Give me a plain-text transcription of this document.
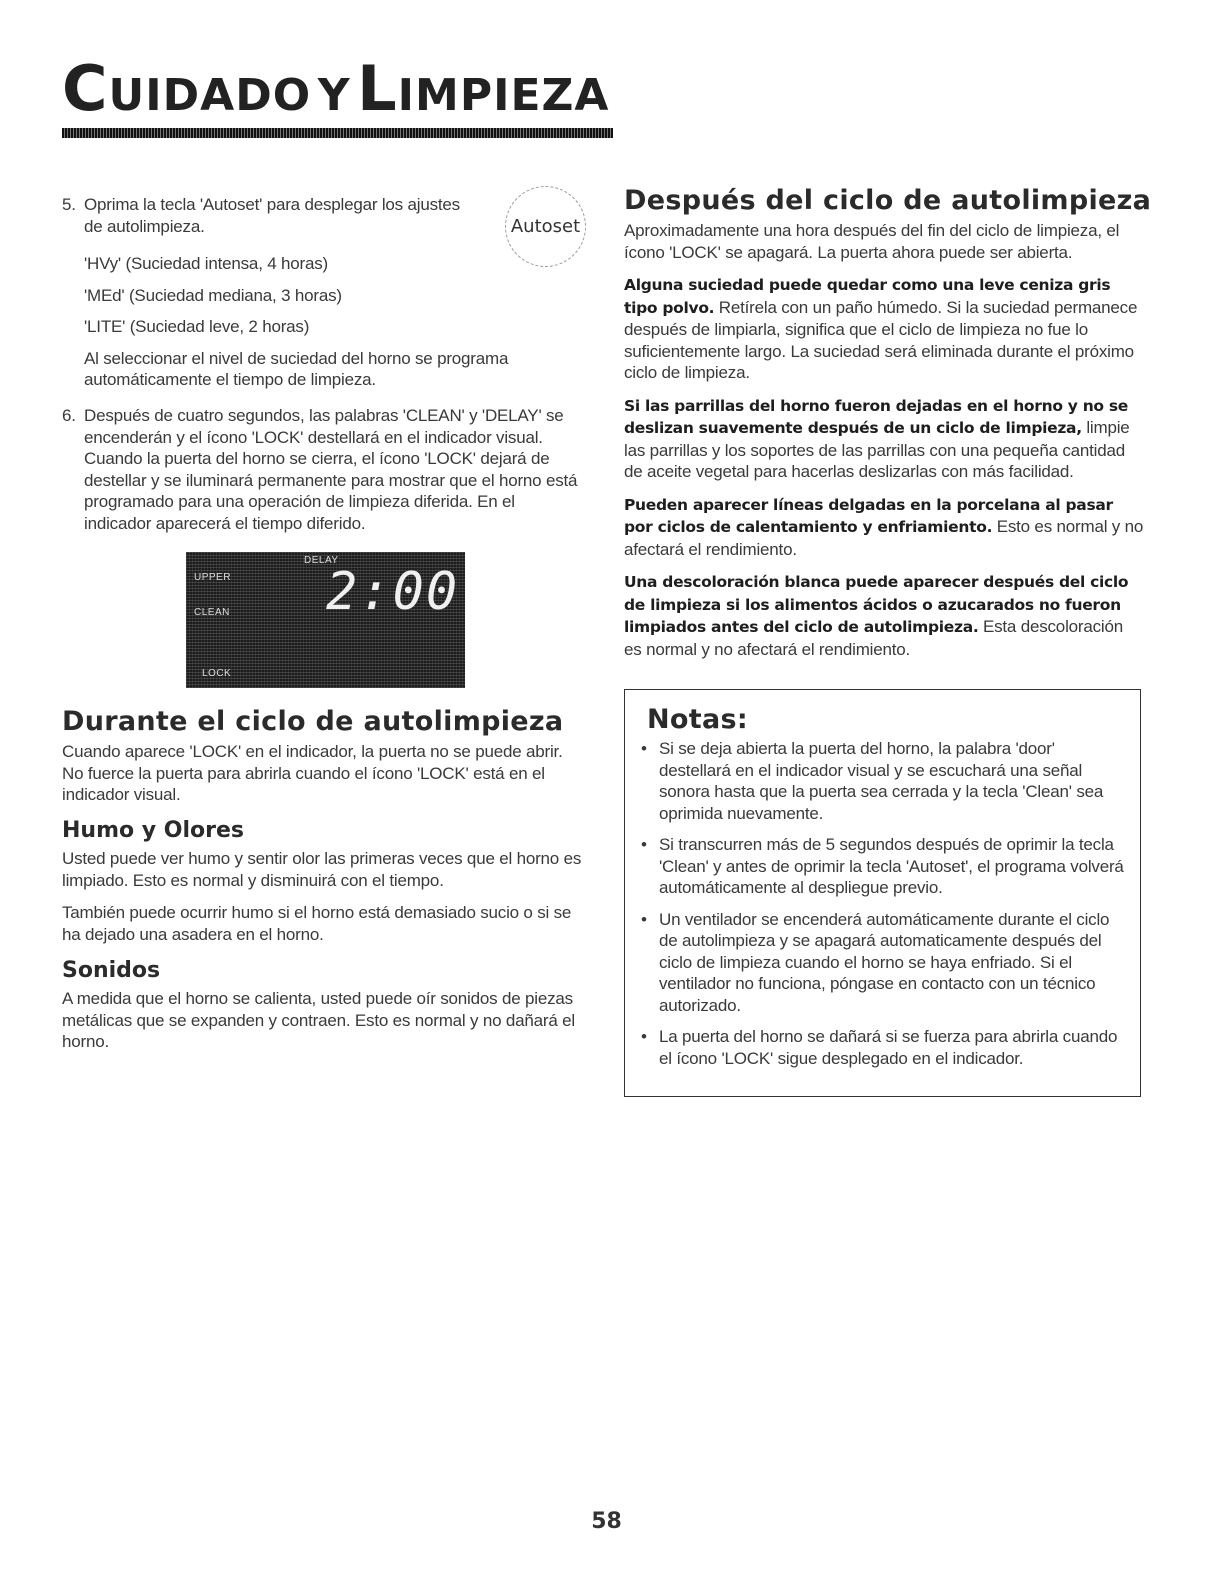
CUIDADO Y LIMPIEZA
5. Oprima la tecla 'Autoset' para desplegar los ajustes de autolimpieza.	Autoset

'HVy' (Suciedad intensa, 4 horas)

'MEd' (Suciedad mediana, 3 horas)

'LITE' (Suciedad leve, 2 horas)

Al seleccionar el nivel de suciedad del horno se programa automáticamente el tiempo de limpieza.

6. Después de cuatro segundos, las palabras 'CLEAN' y 'DELAY' se encenderán y el ícono 'LOCK' destellará en el indicador visual. Cuando la puerta del horno se cierra, el ícono 'LOCK' dejará de destellar y se iluminará permanente para mostrar que el horno está programado para una operación de limpieza diferida. En el indicador aparecerá el tiempo diferido.

UPPER
DELAY
CLEAN
LOCK
2:00
Durante el ciclo de autolimpieza

Cuando aparece 'LOCK' en el indicador, la puerta no se puede abrir. No fuerce la puerta para abrirla cuando el ícono 'LOCK' está en el indicador visual.

Humo y Olores

Usted puede ver humo y sentir olor las primeras veces que el horno es limpiado. Esto es normal y disminuirá con el tiempo.

También puede ocurrir humo si el horno está demasiado sucio o si se ha dejado una asadera en el horno.

Sonidos

A medida que el horno se calienta, usted puede oír sonidos de piezas metálicas que se expanden y contraen. Esto es normal y no dañará el horno.

Después del ciclo de autolimpieza

Aproximadamente una hora después del fin del ciclo de limpieza, el ícono 'LOCK' se apagará. La puerta ahora puede ser abierta.

Alguna suciedad puede quedar como una leve ceniza gris tipo polvo. Retírela con un paño húmedo. Si la suciedad permanece después de limpiarla, significa que el ciclo de limpieza no fue lo suficientemente largo. La suciedad será eliminada durante el próximo ciclo de limpieza.

Si las parrillas del horno fueron dejadas en el horno y no se deslizan suavemente después de un ciclo de limpieza, limpie las parrillas y los soportes de las parrillas con una pequeña cantidad de aceite vegetal para hacerlas deslizarlas con más facilidad.

Pueden aparecer líneas delgadas en la porcelana al pasar por ciclos de calentamiento y enfriamiento. Esto es normal y no afectará el rendimiento.

Una descoloración blanca puede aparecer después del ciclo de limpieza si los alimentos ácidos o azucarados no fueron limpiados antes del ciclo de autolimpieza. Esta descoloración es normal y no afectará el rendimiento.

Notas:
• Si se deja abierta la puerta del horno, la palabra 'door' destellará en el indicador visual y se escuchará una señal sonora hasta que la puerta sea cerrada y la tecla 'Clean' sea oprimida nuevamente.
• Si transcurren más de 5 segundos después de oprimir la tecla 'Clean' y antes de oprimir la tecla 'Autoset', el programa volverá automáticamente al despliegue previo.
• Un ventilador se encenderá automáticamente durante el ciclo de autolimpieza y se apagará automaticamente después del ciclo de limpieza cuando el horno se haya enfriado. Si el ventilador no funciona, póngase en contacto con un técnico autorizado.
• La puerta del horno se dañará si se fuerza para abrirla cuando el ícono 'LOCK' sigue desplegado en el indicador.
58
